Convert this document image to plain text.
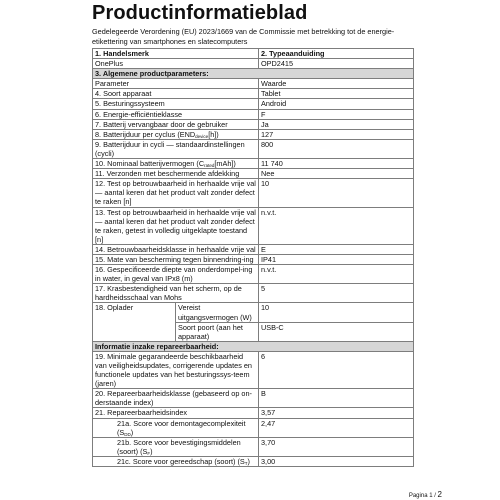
Productinformatieblad
Gedelegeerde Verordening (EU) 2023/1669 van de Commissie met betrekking tot de energie-etikettering van smartphones en slatecomputers
1. Handelsmerk		2. Typeaanduiding
OnePlus		OPD2415
3. Algemene productparameters:		
Parameter		Waarde
4. Soort apparaat		Tablet
5. Besturingssysteem		Android
6. Energie-efficiëntieklasse		F
7. Batterij vervangbaar door de gebruiker		Ja
8. Batterijduur per cyclus $(END_{device}[h])$		127
9. Batterijduur in cycli — standaardinstellingen (cycli)		800
10. Nominaal batterijvermogen $(C_{rated}[mAh])$		11 740
11. Verzonden met beschermende afdekking		Nee
12. Test op betrouwbaarheid in herhaalde vrije val — aantal keren dat het product valt zonder defect te raken [n]		10
13. Test op betrouwbaarheid in herhaalde vrije val — aantal keren dat het product valt zonder defect te raken, getest in volledig uitgeklapte toestand [n]		n.v.t.
14. Betrouwbaarheidsklasse in herhaalde vrije val		E
15. Mate van bescherming tegen binnendring-ing		IP41
16. Gespecificeerde diepte van onderdompel-ing in water, in geval van IPx8 (m)		n.v.t.
17. Krasbestendigheid van het scherm, op de hardheidsschaal van Mohs		5
18. Oplader	Vereist uitgangsvermogen (W)	10
	Soort poort (aan het apparaat)	USB-C
Informatie inzake repareerbaarheid:		
19. Minimale gegarandeerde beschikbaarheid van veiligheidsupdates, corrigerende updates en functionele updates van het besturingssys-teem (jaren)		6
20. Repareerbaarheidsklasse (gebaseerd op on-derstaande index)		B
21. Repareerbaarheidsindex		3,57
21a. Score voor demontagecomplexiteit $(S_{DD})$		2,47
21b. Score voor bevestigingsmiddelen (soort) $(S_F)$		3,70
21c. Score voor gereedschap (soort) $(S_T)$		3,00
Pagina 1 / 2
